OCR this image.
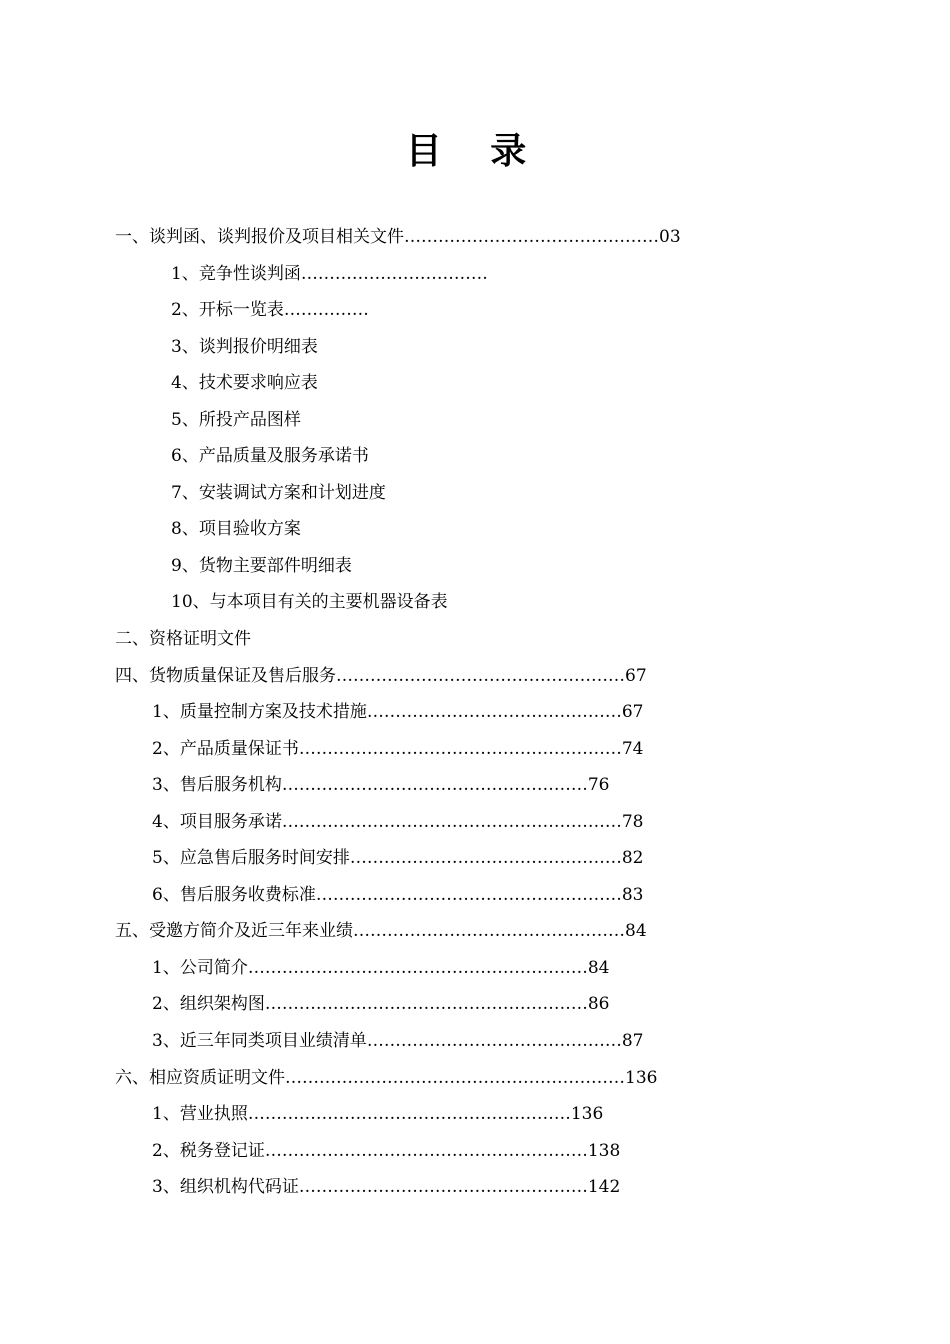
目 录
一、谈判函、谈判报价及项目相关文件………………………………………03
1、竞争性谈判函……………………………
2、开标一览表……………
3、谈判报价明细表
4、技术要求响应表
5、所投产品图样
6、产品质量及服务承诺书
7、安装调试方案和计划进度
8、项目验收方案
9、货物主要部件明细表
10、与本项目有关的主要机器设备表
二、资格证明文件
四、货物质量保证及售后服务……………………………………………67
1、质量控制方案及技术措施………………………………………67
2、产品质量保证书…………………………………………………74
3、售后服务机构………………………………………………76
4、项目服务承诺……………………………………………………78
5、应急售后服务时间安排…………………………………………82
6、售后服务收费标准………………………………………………83
五、受邀方简介及近三年来业绩…………………………………………84
1、公司简介……………………………………………………84
2、组织架构图…………………………………………………86
3、近三年同类项目业绩清单………………………………………87
六、相应资质证明文件……………………………………………………136
1、营业执照…………………………………………………136
2、税务登记证…………………………………………………138
3、组织机构代码证……………………………………………142
